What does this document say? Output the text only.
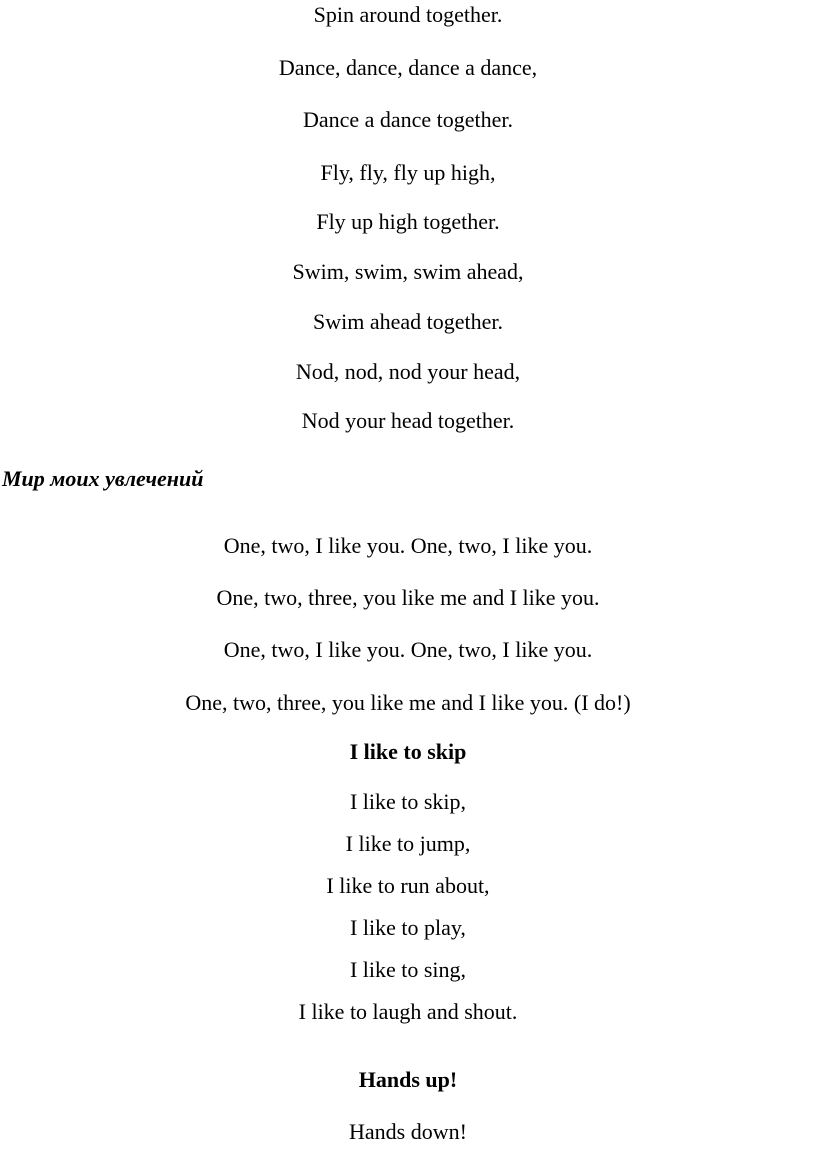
Spin around together.
Dance, dance, dance a dance,
Dance a dance together.
Fly, fly, fly up high,
Fly up high together.
Swim, swim, swim ahead,
Swim ahead together.
Nod, nod, nod your head,
Nod your head together.
Мир моих увлечений
One, two, I like you. One, two, I like you.
One, two, three, you like me and I like you.
One, two, I like you. One, two, I like you.
One, two, three, you like me and I like you. (I do!)
I like to skip
I like to skip,
I like to jump,
I like to run about,
I like to play,
I like to sing,
I like to laugh and shout.
Hands up!
Hands down!
